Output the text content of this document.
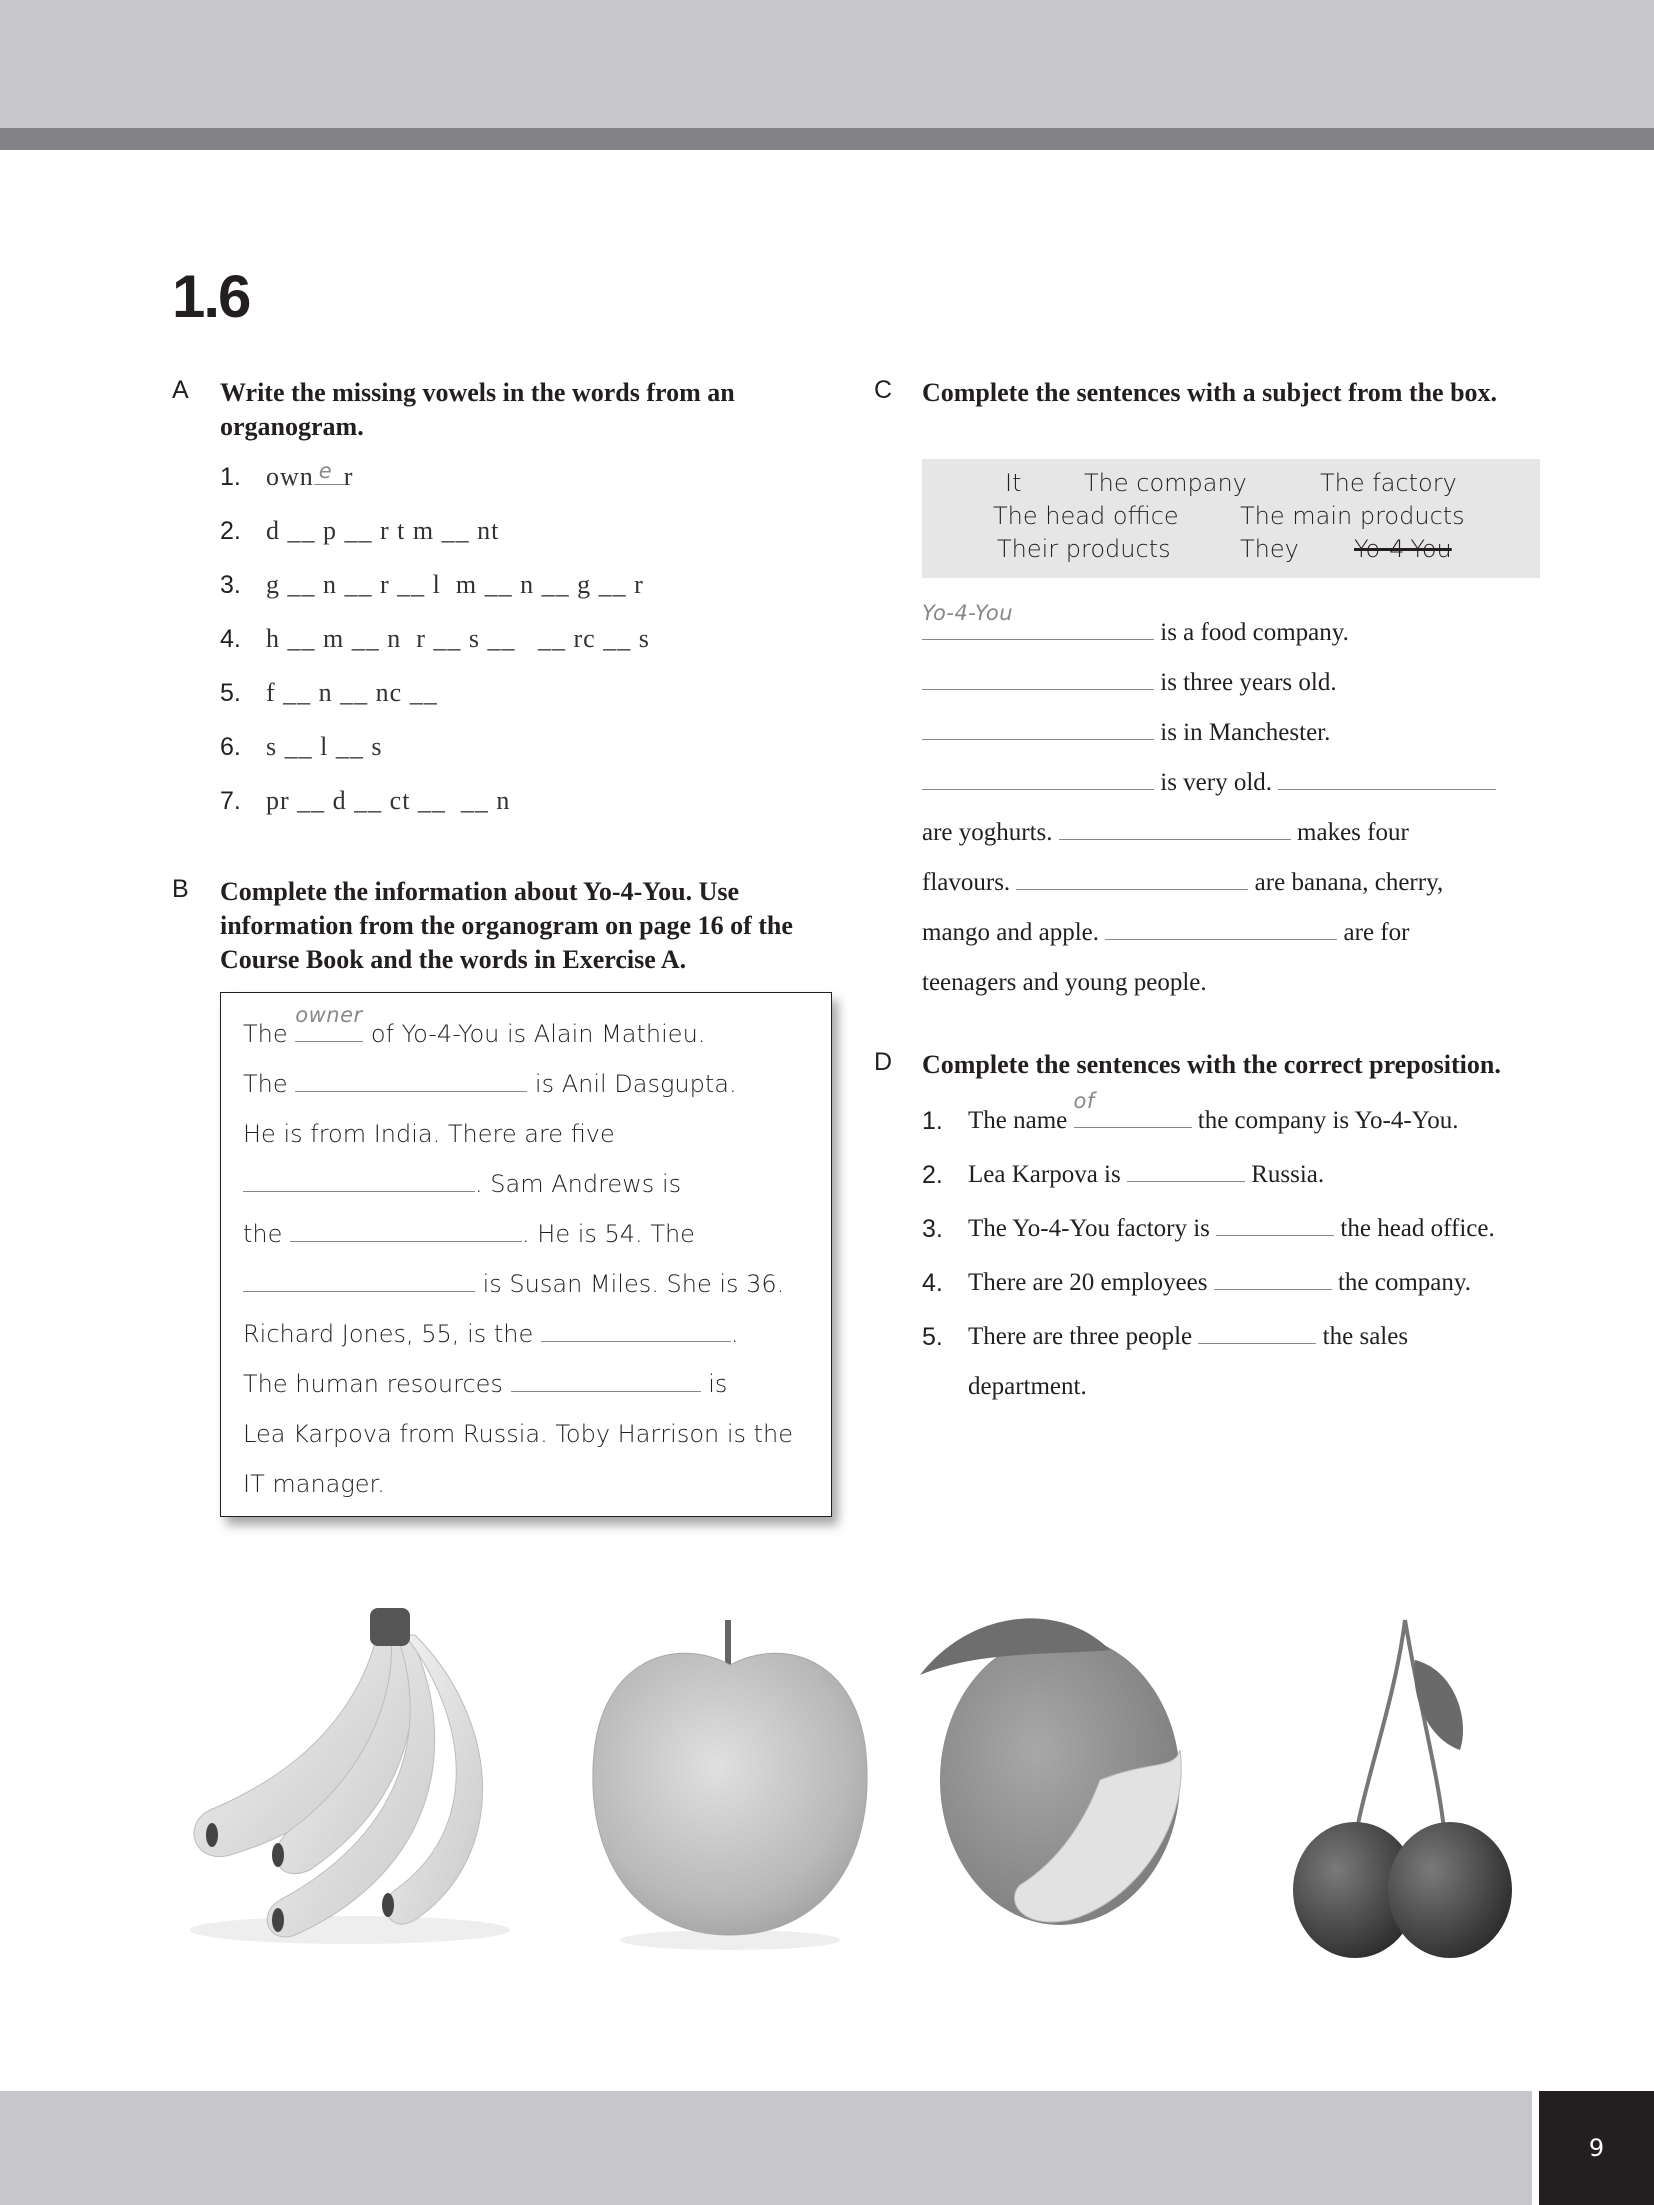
1.6
A Write the missing vowels in the words from an organogram.
1. own e r
2. d __ p __ r t m __ nt
3. g __ n __ r __ l  m __ n __ g __ r
4. h __ m __ n  r __ s __   __ rc __ s
5. f __ n __ nc __
6. s __ l __ s
7. pr __ d __ ct __  __ n
B Complete the information about Yo-4-You. Use information from the organogram on page 16 of the Course Book and the words in Exercise A.
The
owner
of Yo-4-You is Alain Mathieu.
The	is Anil Dasgupta.
He is from India. There are five
. Sam Andrews is
the	. He is 54. The
is Susan Miles. She is 36.
Richard Jones, 55, is the	.
The human resources	is
Lea Karpova from Russia. Toby Harrison is the
IT manager.
C Complete the sentences with a subject from the box.
It	The company	The factory
The head office	The main products
Their products	They Yo-4-You
Yo-4-You
is a food company.
is three years old.
is in Manchester.
is very old.
are yoghurts.	makes four
flavours.	are banana, cherry,
mango and apple.	are for
teenagers and young people.
D Complete the sentences with the correct preposition.
1.	The name
of
the company is Yo-4-You.
2.	Lea Karpova is	Russia.
3.	The Yo-4-You factory is	the head office.
4.	There are 20 employees	the company.
5.	There are three people	the sales department.
9
